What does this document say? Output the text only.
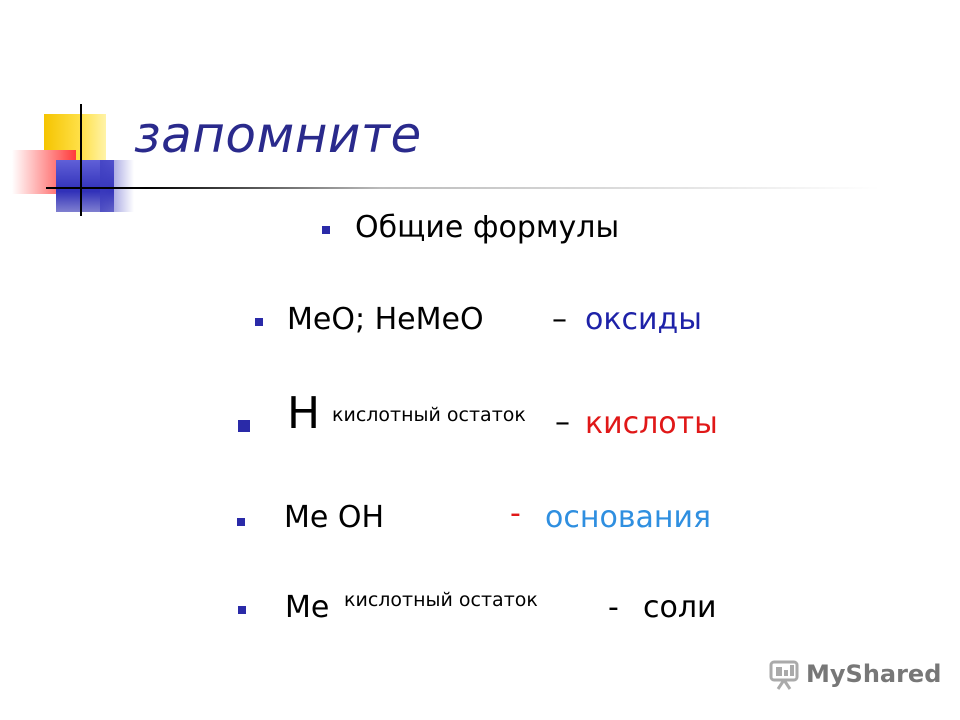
запомните
Общие формулы
МеО; НеМеО – оксиды
Н кислотный остаток – кислоты
Ме ОН	- основания
Ме кислотный остаток - соли
MyShared
